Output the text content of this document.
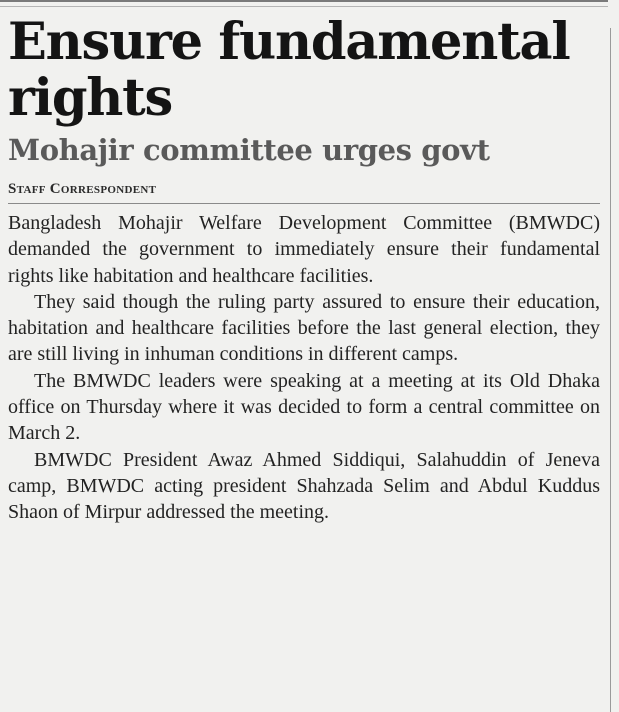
Ensure fundamental rights
Mohajir committee urges govt
Staff Correspondent

Bangladesh Mohajir Welfare Development Committee (BMWDC) demanded the government to immediately ensure their fundamental rights like habitation and healthcare facilities.

They said though the ruling party assured to ensure their education, habitation and healthcare facilities before the last general election, they are still living in inhuman conditions in different camps.

The BMWDC leaders were speaking at a meeting at its Old Dhaka office on Thursday where it was decided to form a central committee on March 2.

BMWDC President Awaz Ahmed Siddiqui, Salahuddin of Jeneva camp, BMWDC acting president Shahzada Selim and Abdul Kuddus Shaon of Mirpur addressed the meeting.
